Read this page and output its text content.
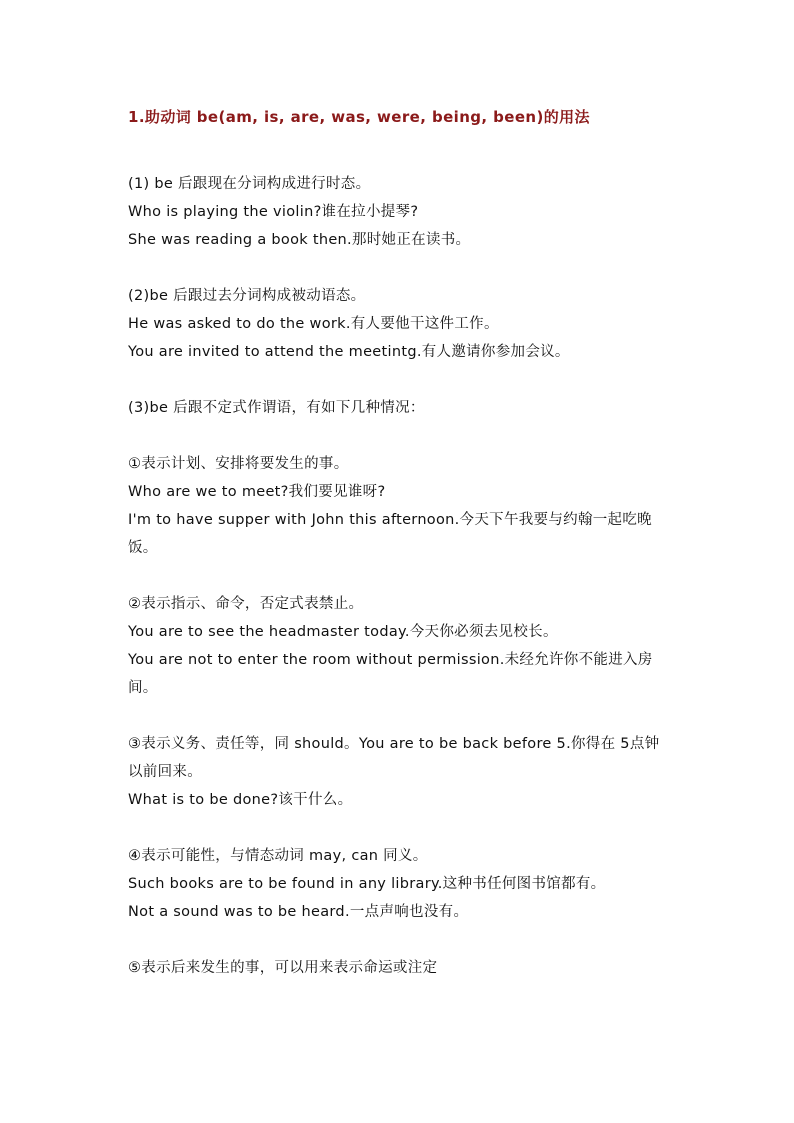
1.助动词 be(am, is, are, was, were, being, been)的用法
(1) be 后跟现在分词构成进行时态。
Who is playing the violin?谁在拉小提琴?
She was reading a book then.那时她正在读书。
(2)be 后跟过去分词构成被动语态。
He was asked to do the work.有人要他干这件工作。
You are invited to attend the meetintg.有人邀请你参加会议。
(3)be 后跟不定式作谓语，有如下几种情况：
①表示计划、安排将要发生的事。
Who are we to meet?我们要见谁呀?
I'm to have supper with John this afternoon.今天下午我要与约翰一起吃晚饭。
②表示指示、命令，否定式表禁止。
You are to see the headmaster today.今天你必须去见校长。
You are not to enter the room without permission.未经允许你不能进入房间。
③表示义务、责任等，同 should。You are to be back before 5.你得在 5点钟以前回来。
What is to be done?该干什么。
④表示可能性，与情态动词 may, can 同义。
Such books are to be found in any library.这种书任何图书馆都有。
Not a sound was to be heard.一点声响也没有。
⑤表示后来发生的事，可以用来表示命运或注定
